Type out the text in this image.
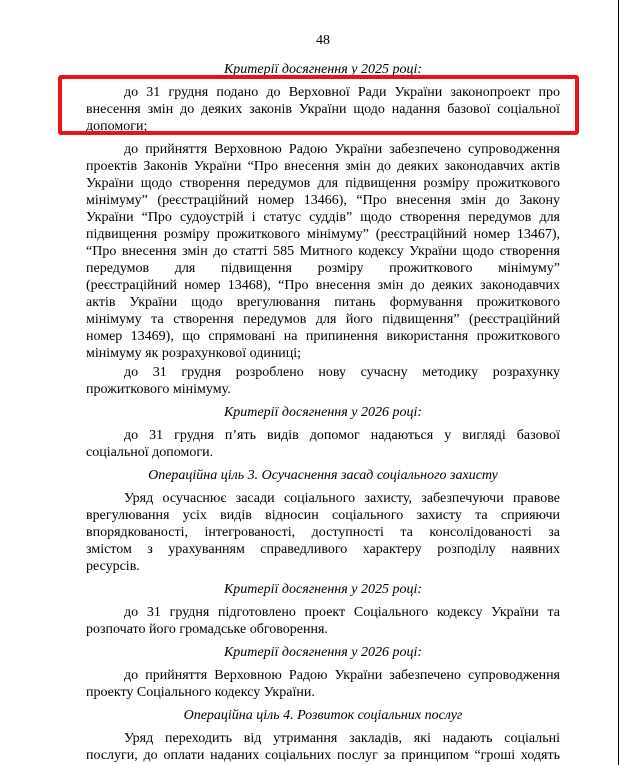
48
Критерії досягнення у 2025 році:
до 31 грудня подано до Верховної Ради України законопроект про
внесення змін до деяких законів України щодо надання базової соціальної
допомоги;
до прийняття Верховною Радою України забезпечено супроводження
проектів Законів України “Про внесення змін до деяких законодавчих актів
України щодо створення передумов для підвищення розміру прожиткового
мінімуму” (реєстраційний номер 13466), “Про внесення змін до Закону
України “Про судоустрій і статус суддів” щодо створення передумов для
підвищення розміру прожиткового мінімуму” (реєстраційний номер 13467),
“Про внесення змін до статті 585 Митного кодексу України щодо створення
передумов для підвищення розміру прожиткового мінімуму”
(реєстраційний номер 13468), “Про внесення змін до деяких законодавчих
актів України щодо врегулювання питань формування прожиткового
мінімуму та створення передумов для його підвищення” (реєстраційний
номер 13469), що спрямовані на припинення використання прожиткового
мінімуму як розрахункової одиниці;
до 31 грудня розроблено нову сучасну методику розрахунку
прожиткового мінімуму.
Критерії досягнення у 2026 році:
до 31 грудня п’ять видів допомог надаються у вигляді базової
соціальної допомоги.
Операційна ціль 3. Осучаснення засад соціального захисту
Уряд осучаснює засади соціального захисту, забезпечуючи правове
врегулювання усіх видів відносин соціального захисту та сприяючи
впорядкованості, інтегрованості, доступності та консолідованості за
змістом з урахуванням справедливого характеру розподілу наявних
ресурсів.
Критерії досягнення у 2025 році:
до 31 грудня підготовлено проект Соціального кодексу України та
розпочато його громадське обговорення.
Критерії досягнення у 2026 році:
до прийняття Верховною Радою України забезпечено супроводження
проекту Соціального кодексу України.
Операційна ціль 4. Розвиток соціальних послуг
Уряд переходить від утримання закладів, які надають соціальні
послуги, до оплати наданих соціальних послуг за принципом “гроші ходять
